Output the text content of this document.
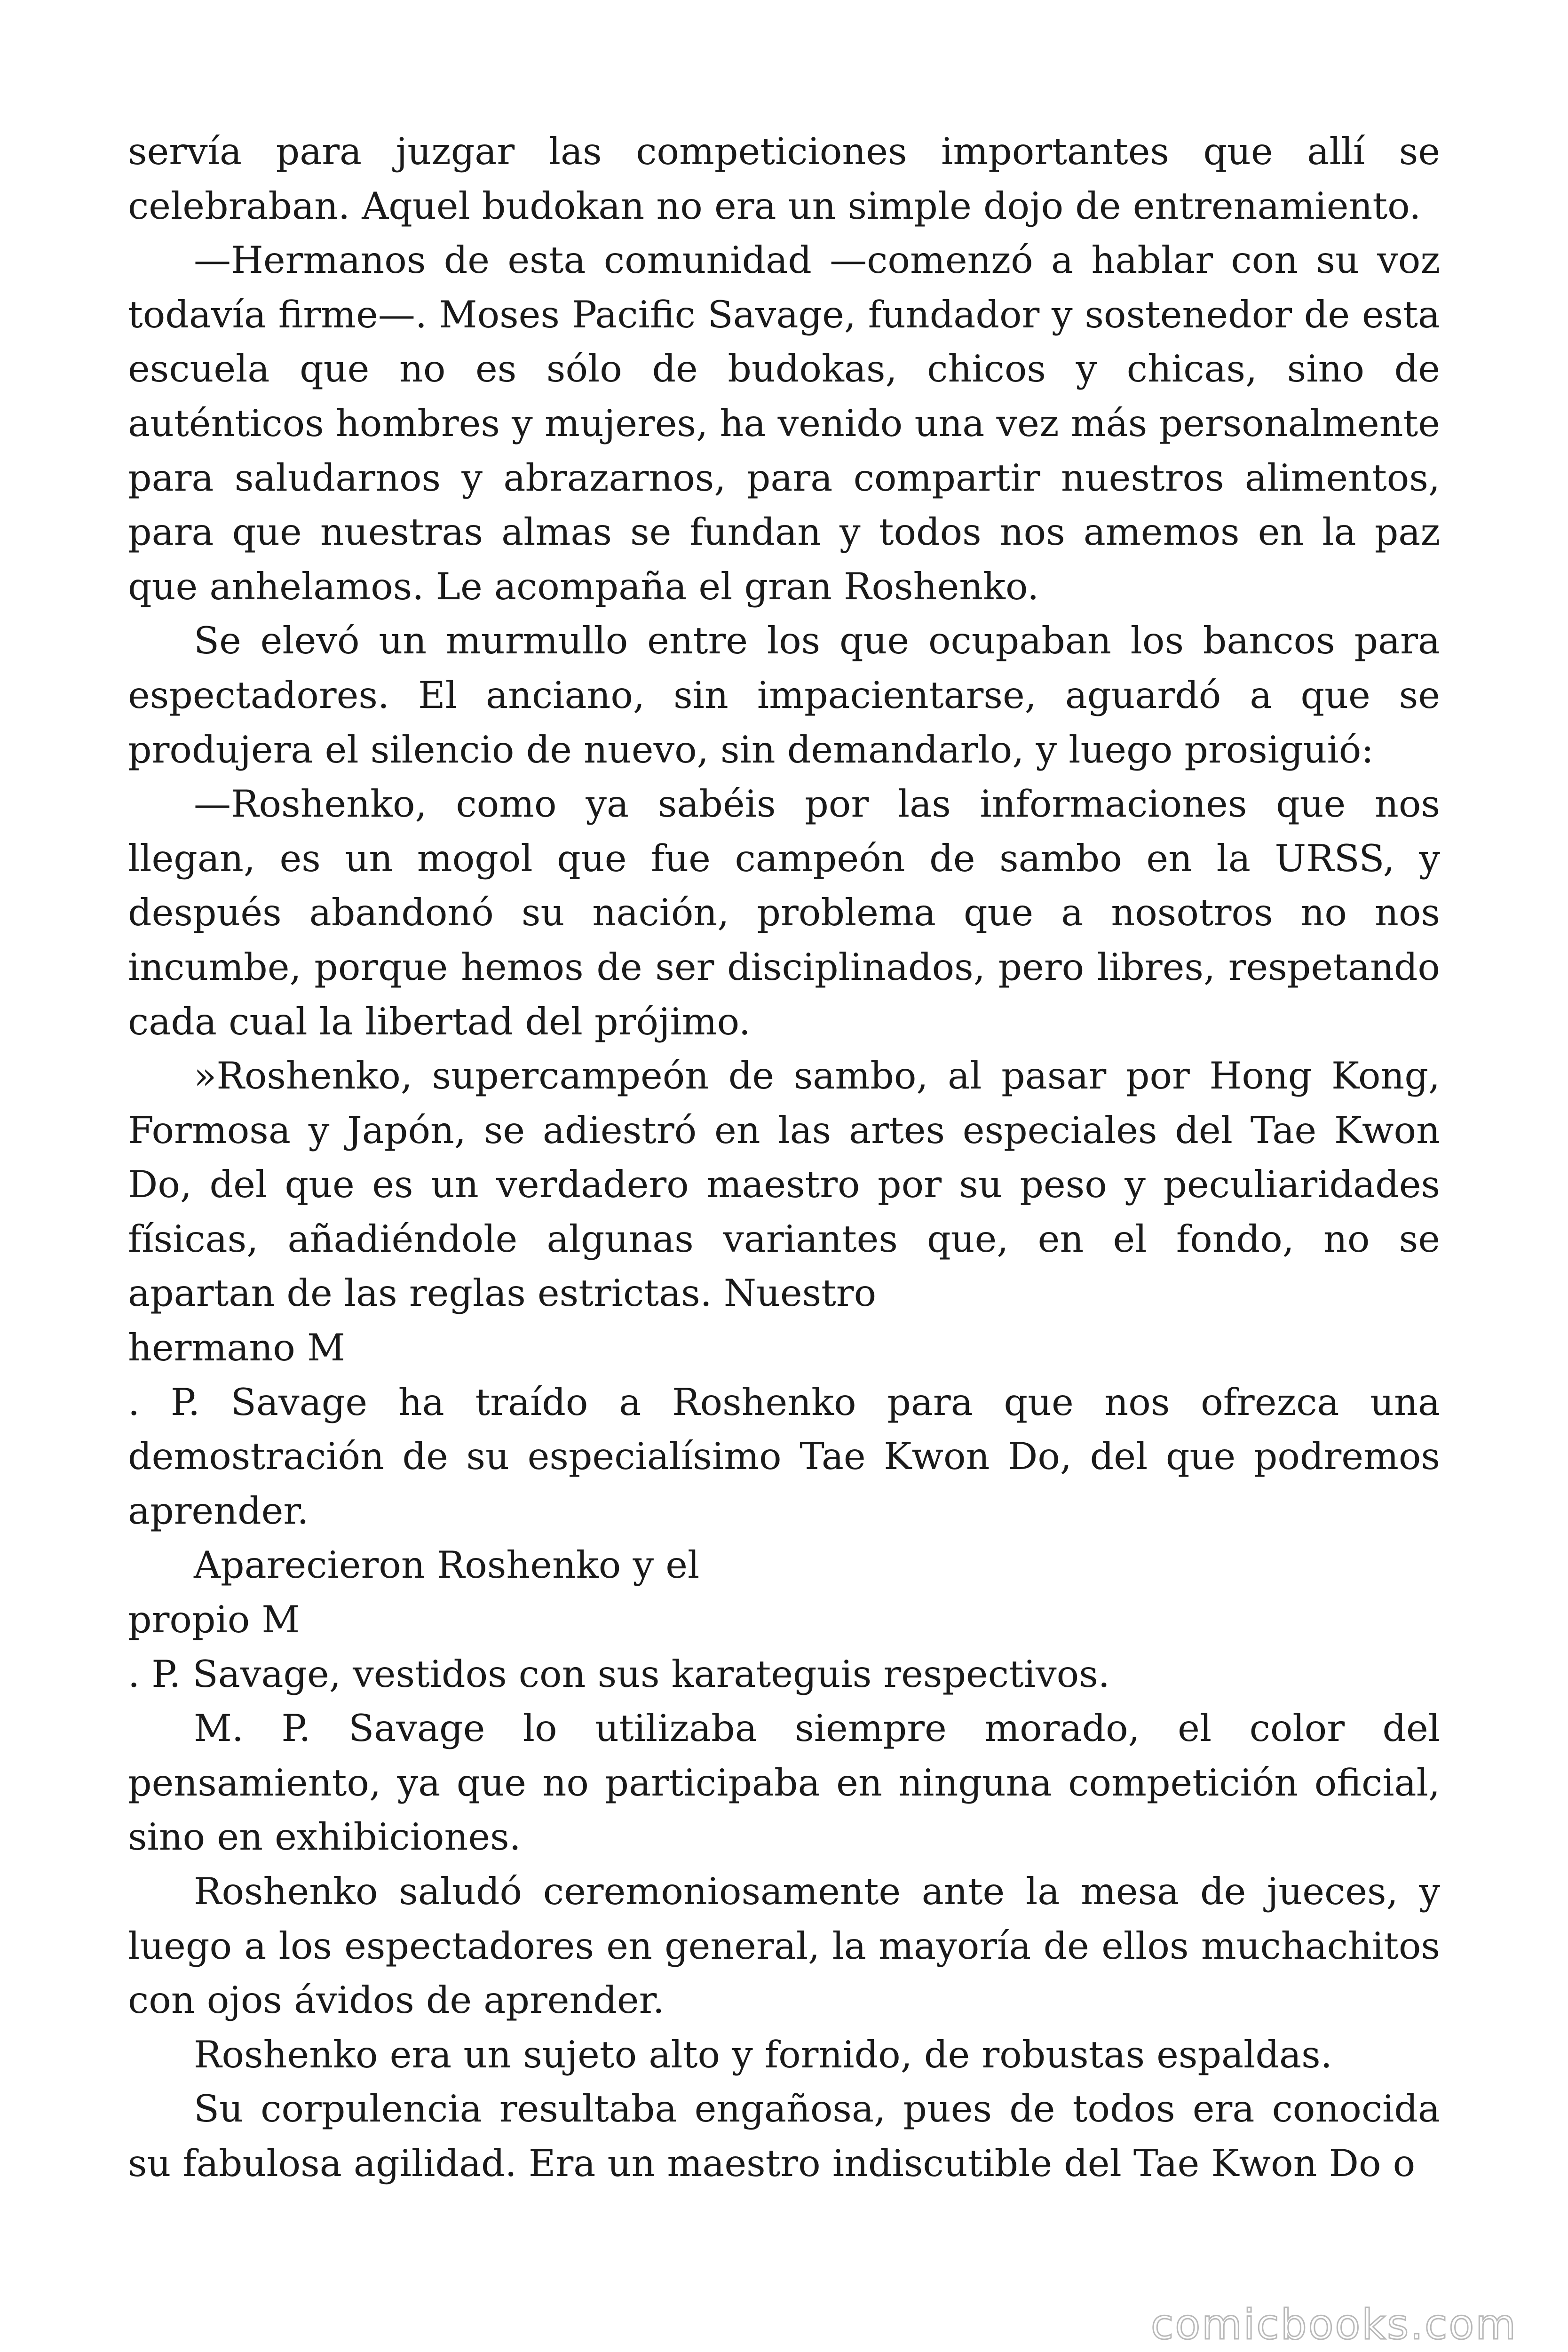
servía para juzgar las competiciones importantes que allí se celebraban. Aquel budokan no era un simple dojo de entrenamiento.

—Hermanos de esta comunidad —comenzó a hablar con su voz todavía firme—. Moses Pacific Savage, fundador y sostenedor de esta escuela que no es sólo de budokas, chicos y chicas, sino de auténticos hombres y mujeres, ha venido una vez más personalmente para saludarnos y abrazarnos, para compartir nuestros alimentos, para que nuestras almas se fundan y todos nos amemos en la paz que anhelamos. Le acompaña el gran Roshenko.

Se elevó un murmullo entre los que ocupaban los bancos para espectadores. El anciano, sin impacientarse, aguardó a que se produjera el silencio de nuevo, sin demandarlo, y luego prosiguió:

—Roshenko, como ya sabéis por las informaciones que nos llegan, es un mogol que fue campeón de sambo en la URSS, y después abandonó su nación, problema que a nosotros no nos incumbe, porque hemos de ser disciplinados, pero libres, respetando cada cual la libertad del prójimo.

»Roshenko, supercampeón de sambo, al pasar por Hong Kong, Formosa y Japón, se adiestró en las artes especiales del Tae Kwon Do, del que es un verdadero maestro por su peso y peculiaridades físicas, añadiéndole algunas variantes que, en el fondo, no se apartan de las reglas estrictas. Nuestro

hermano M

. P. Savage ha traído a Roshenko para que nos ofrezca una demostración de su especialísimo Tae Kwon Do, del que podremos aprender.

Aparecieron Roshenko y el

propio M

. P. Savage, vestidos con sus karateguis respectivos.

M. P. Savage lo utilizaba siempre morado, el color del pensamiento, ya que no participaba en ninguna competición oficial, sino en exhibiciones.

Roshenko saludó ceremoniosamente ante la mesa de jueces, y luego a los espectadores en general, la mayoría de ellos muchachitos con ojos ávidos de aprender.

Roshenko era un sujeto alto y fornido, de robustas espaldas.

Su corpulencia resultaba engañosa, pues de todos era conocida su fabulosa agilidad. Era un maestro indiscutible del Tae Kwon Do o

comicbooks.com
